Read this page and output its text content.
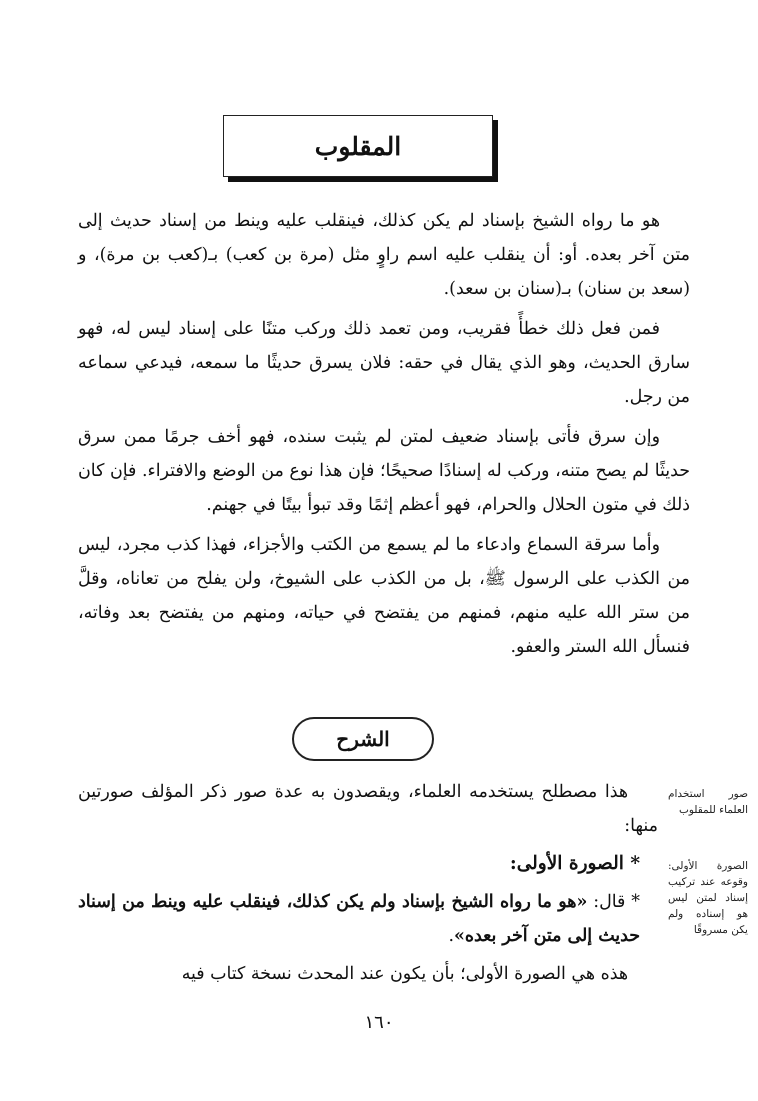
المقلوب

هو ما رواه الشيخ بإسناد لم يكن كذلك، فينقلب عليه وينط من إسناد حديث إلى متن آخر بعده. أو: أن ينقلب عليه اسم راوٍ مثل (مرة بن كعب) بـ(كعب بن مرة)، و (سعد بن سنان) بـ(سنان بن سعد).

فمن فعل ذلك خطأً فقريب، ومن تعمد ذلك وركب متنًا على إسناد ليس له، فهو سارق الحديث، وهو الذي يقال في حقه: فلان يسرق حديثًا ما سمعه، فيدعي سماعه من رجل.

وإن سرق فأتى بإسناد ضعيف لمتن لم يثبت سنده، فهو أخف جرمًا ممن سرق حديثًا لم يصح متنه، وركب له إسنادًا صحيحًا؛ فإن هذا نوع من الوضع والافتراء. فإن كان ذلك في متون الحلال والحرام، فهو أعظم إثمًا وقد تبوأ بيتًا في جهنم.

وأما سرقة السماع وادعاء ما لم يسمع من الكتب والأجزاء، فهذا كذب مجرد، ليس من الكذب على الرسول ﷺ، بل من الكذب على الشيوخ، ولن يفلح من تعاناه، وقلَّ من ستر الله عليه منهم، فمنهم من يفتضح في حياته، ومنهم من يفتضح بعد وفاته، فنسأل الله الستر والعفو.

الشرح

هذا مصطلح يستخدمه العلماء، ويقصدون به عدة صور ذكر المؤلف صورتين منها:

* الصورة الأولى:

* قال: «هو ما رواه الشيخ بإسناد ولم يكن كذلك، فينقلب عليه وينط من إسناد حديث إلى متن آخر بعده».

هذه هي الصورة الأولى؛ بأن يكون عند المحدث نسخة كتاب فيه

صور استخدام العلماء للمقلوب
الصورة الأولى: وقوعه عند تركيب إسناد لمتن ليس هو إسناده ولم يكن مسروقًا
١٦٠
